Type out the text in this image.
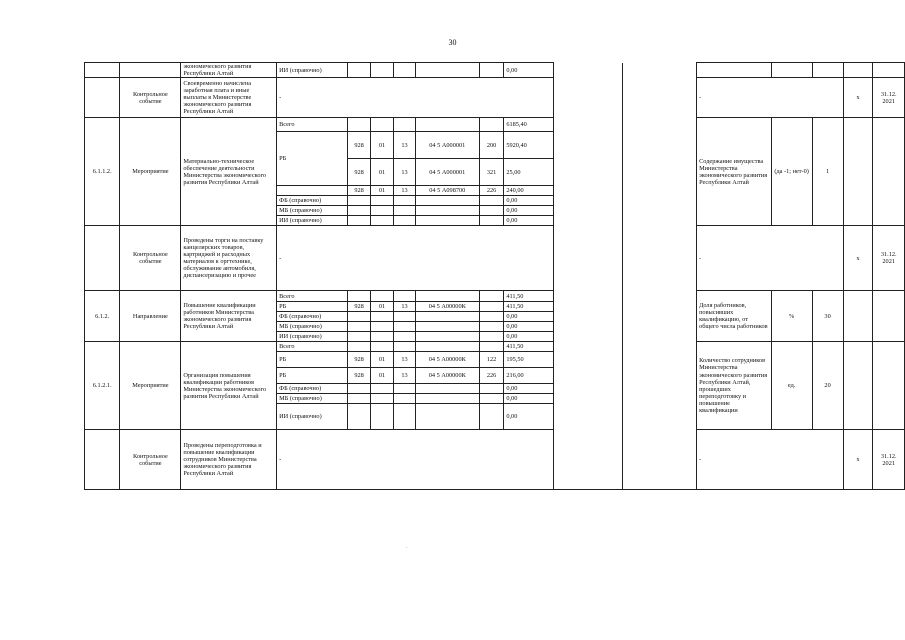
30
		экономического развития Республики Алтай	ИИ (справочно)						0,00							
	Контрольное событие	Своевременно начислена заработная плата и иные выплаты в Министерстве экономического развития Республики Алтай	-									-			х	31.12. 2021
6.1.1.2.	Мероприятие	Материально-техническое обеспечение деятельности Министерства экономического развития Республики Алтай	Всего						6185,40			Содержание имущества Министерства экономического развития Республики Алтай	(да -1; нет-0)	1		
			РБ	928	01	13	04 5 А000001	200	5920,40							
				928	01	13	04 5 А000001	321	25,00							
				928	01	13	04 5 А098700	226	240,00							
			ФБ (справочно)						0,00							
			МБ (справочно)						0,00							
			ИИ (справочно)						0,00							
	Контрольное событие	Проведены торги на поставку канцелярских товаров, картриджей и расходных материалов к оргтехнике, обслуживание автомобиля, диспансеризацию и прочее	-									-			х	31.12. 2021
6.1.2.	Направление	Повышение квалификации работников Министерства экономического развития Республики Алтай	Всего						411,50			Доля работников, повысивших квалификацию, от общего числа работников	%	30		
			РБ	928	01	13	04 5 А00000К		411,50							
			ФБ (справочно)						0,00							
			МБ (справочно)						0,00							
			ИИ (справочно)						0,00							
6.1.2.1.	Мероприятие	Организация повышения квалификации работников Министерства экономического развития Республики Алтай	Всего						411,50			Количество сотрудников Министерства экономического развития Республики Алтай, прошедших переподготовку и повышение квалификации	ед.	20		
			РБ	928	01	13	04 5 А00000К	122	195,50							
			РБ	928	01	13	04 5 А00000К	226	216,00							
			ФБ (справочно)						0,00							
			МБ (справочно)						0,00							
			ИИ (справочно)						0,00							
	Контрольное событие	Проведены переподготовка и повышение квалификации сотрудников Министерства экономического развития Республики Алтай	-									-			х	31.12. 2021
.
